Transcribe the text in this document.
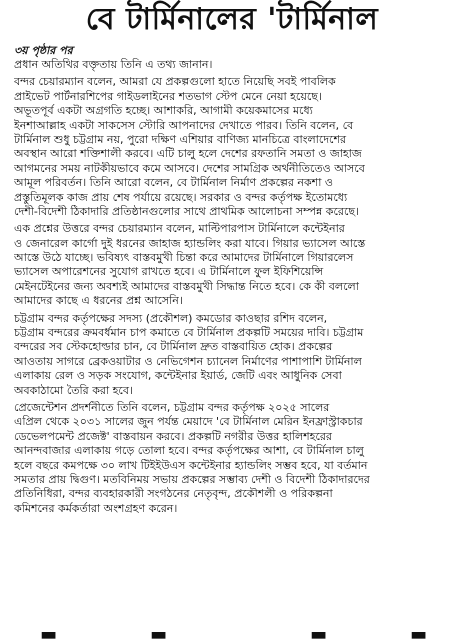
বে টার্মিনালের 'টার্মিনাল
৩য় পৃষ্ঠার পর
প্রধান অতিথির বক্তৃতায় তিনি এ তথ্য জানান।
বন্দর চেয়ারম্যান বলেন, আমরা যে প্রকল্পগুলো হাতে নিয়েছি সবই পাবলিক
প্রাইভেট পার্টনারশিপের গাইডলাইনের শতভাগ স্টেপ মেনে নেয়া হয়েছে।
অভূতপূর্ব একটা অগ্রগতি হচ্ছে। আশাকরি, আগামী কয়েকমাসের মধ্যে
ইনশাআল্লাহ একটা সাকসেস স্টোরি আপনাদের দেখাতে পারব। তিনি বলেন, বে
টার্মিনাল শুধু চট্টগ্রাম নয়, পুরো দক্ষিণ এশিয়ার বাণিজ্য মানচিত্রে বাংলাদেশের
অবস্থান আরো শক্তিশালী করবে। এটি চালু হলে দেশের রফতানি সমতা ও জাহাজ
আগমনের সময় নাটকীয়ভাবে কমে আসবে। দেশের সামগ্রিক অর্থনীতিতেও আসবে
আমূল পরিবর্তন। তিনি আরো বলেন, বে টার্মিনাল নির্মাণ প্রকল্পের নকশা ও
প্রস্তুতিমূলক কাজ প্রায় শেষ পর্যায়ে রয়েছে। সরকার ও বন্দর কর্তৃপক্ষ ইতোমধ্যে
দেশী-বিদেশী ঠিকাদারি প্রতিষ্ঠানগুলোর সাথে প্রাথমিক আলোচনা সম্পন্ন করেছে।
এক প্রশ্নের উত্তরে বন্দর চেয়ারম্যান বলেন, মাল্টিপারপাস টার্মিনালে কন্টেইনার
ও জেনারেল কার্গো দুই ধরনের জাহাজ হ্যান্ডলিং করা যাবে। গিয়ার ভ্যাসেল আস্তে
আস্তে উঠে যাচ্ছে। ভবিষ্যৎ বাস্তবমুখী চিন্তা করে আমাদের টার্মিনালে গিয়ারলেস
ভ্যাসেল অপারেশনের সুযোগ রাখতে হবে। এ টার্মিনালে ফুল ইফিশিয়েন্সি
মেইনটেইনের জন্য অবশ্যই আমাদের বাস্তবমুখী সিদ্ধান্ত নিতে হবে। কে কী বললো
আমাদের কাছে এ ধরনের প্রশ্ন আসেনি।
চট্টগ্রাম বন্দর কর্তৃপক্ষের সদস্য (প্রকৌশল) কমডোর কাওছার রশিদ বলেন,
চট্টগ্রাম বন্দরের ক্রমবর্ধমান চাপ কমাতে বে টার্মিনাল প্রকল্পটি সময়ের দাবি। চট্টগ্রাম
বন্দরের সব স্টেকহোল্ডার চান, বে টার্মিনাল দ্রুত বাস্তবায়িত হোক। প্রকল্পের
আওতায় সাগরে ব্রেকওয়াটার ও নেভিগেশন চ্যানেল নির্মাণের পাশাপাশি টার্মিনাল
এলাকায় রেল ও সড়ক সংযোগ, কন্টেইনার ইয়ার্ড, জেটি এবং আধুনিক সেবা
অবকাঠামো তৈরি করা হবে।
প্রেজেন্টেশন প্রদর্শনীতে তিনি বলেন, চট্টগ্রাম বন্দর কর্তৃপক্ষ ২০২৫ সালের
এপ্রিল থেকে ২০৩১ সালের জুন পর্যন্ত মেয়াদে 'বে টার্মিনাল মেরিন ইনফ্রাস্ট্রাকচার
ডেভেলপমেন্ট প্রজেক্ট' বাস্তবায়ন করবে। প্রকল্পটি নগরীর উত্তর হালিশহরের
আনন্দবাজার এলাকায় গড়ে তোলা হবে। বন্দর কর্তৃপক্ষের আশা, বে টার্মিনাল চালু
হলে বছরে কমপক্ষে ৩০ লাখ টিইইউএস কন্টেইনার হ্যান্ডলিং সম্ভব হবে, যা বর্তমান
সমতার প্রায় দ্বিগুণ। মতবিনিময় সভায় প্রকল্পের সম্ভাব্য দেশী ও বিদেশী ঠিকাদারদের
প্রতিনিধিরা, বন্দর ব্যবহারকারী সংগঠনের নেতৃবৃন্দ, প্রকৌশলী ও পরিকল্পনা
কমিশনের কর্মকর্তারা অংশগ্রহণ করেন।
▬	▬	▬	▬
